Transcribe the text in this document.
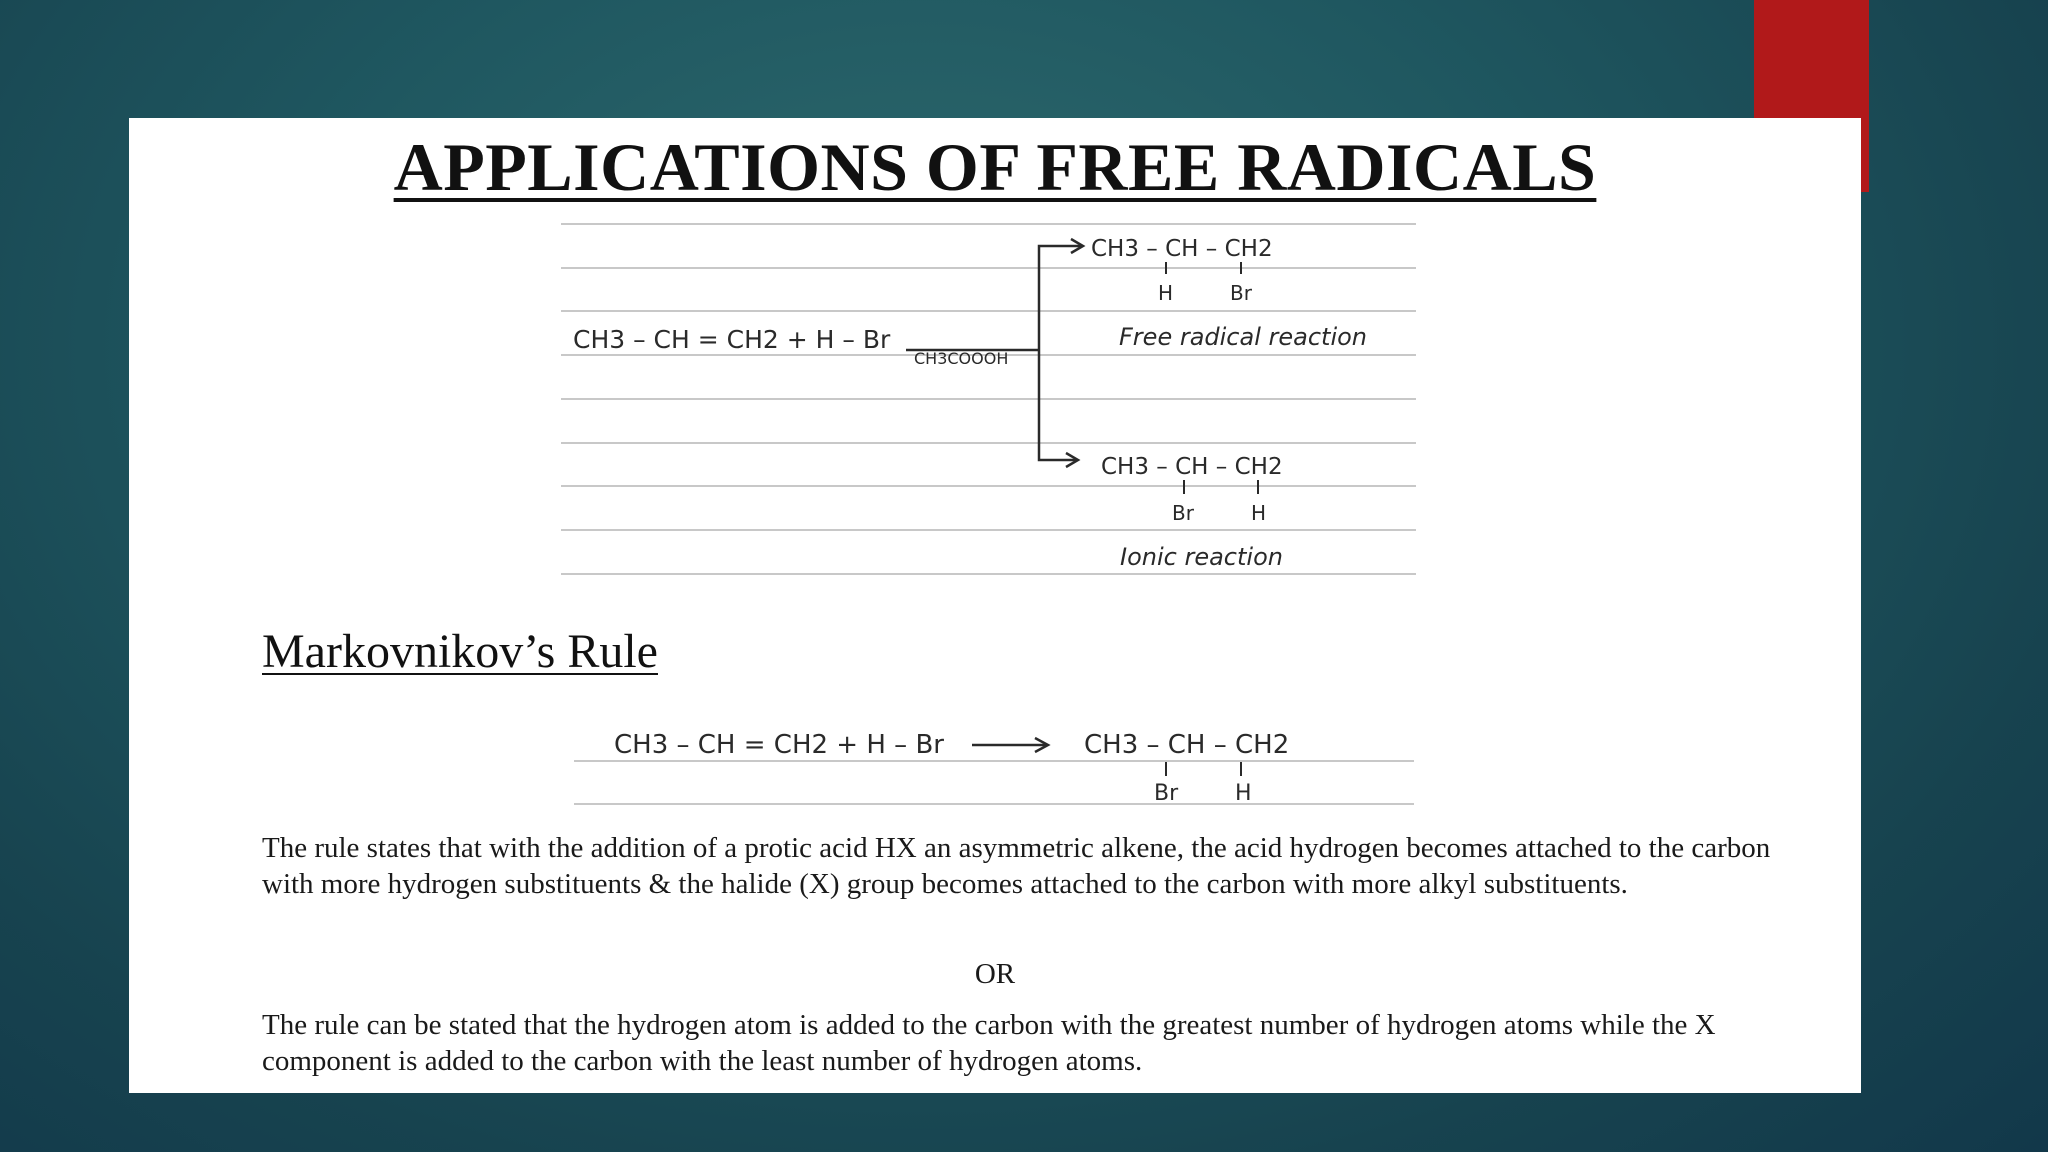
APPLICATIONS OF FREE RADICALS
CH3 – CH = CH2 + H – Br
CH3COOOH
CH3 – CH – CH2
H	Br
Free radical reaction
CH3 – CH – CH2
Br	H
Ionic reaction
Markovnikov’s Rule
CH3 – CH = CH2 + H – Br	CH3 – CH – CH2
Br	H

The rule states that with the addition of a protic acid HX an asymmetric alkene, the acid hydrogen becomes attached to the carbon with more hydrogen substituents & the halide (X) group becomes attached to the carbon with more alkyl substituents.

OR

The rule can be stated that the hydrogen atom is added to the carbon with the greatest number of hydrogen atoms while the X component is added to the carbon with the least number of hydrogen atoms.
